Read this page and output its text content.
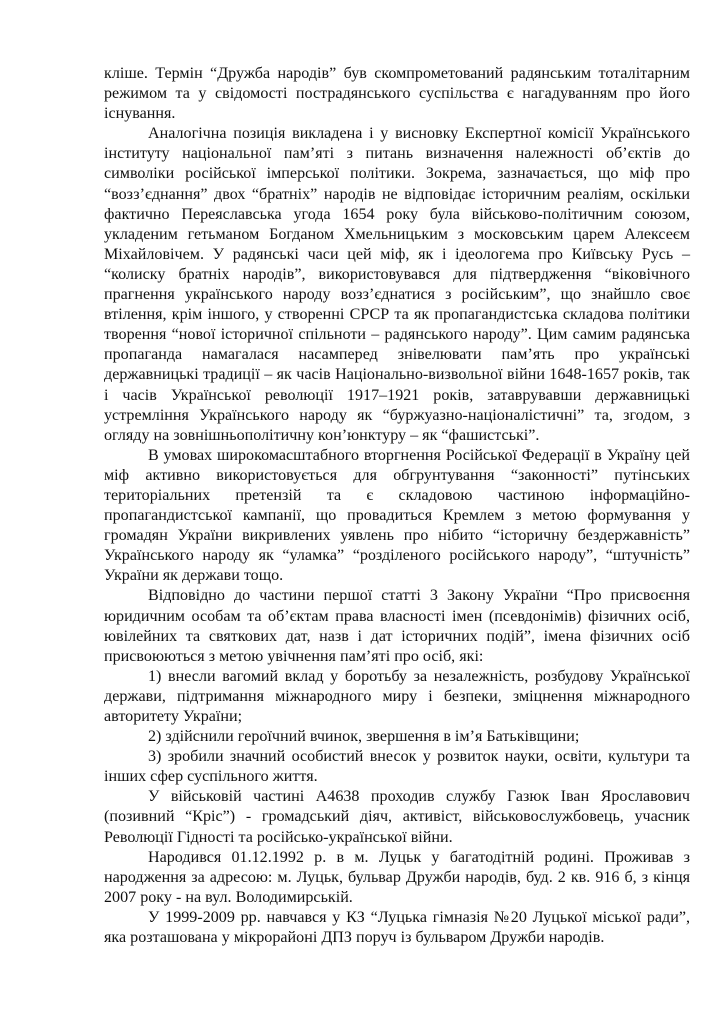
кліше. Термін “Дружба народів” був скомпрометований радянським тоталітарним режимом та у свідомості пострадянського суспільства є нагадуванням про його існування.

Аналогічна позиція викладена і у висновку Експертної комісії Українського інституту національної пам’яті з питань визначення належності об’єктів до символіки російської імперської політики. Зокрема, зазначається, що міф про “возз’єднання” двох “братніх” народів не відповідає історичним реаліям, оскільки фактично Переяславська угода 1654 року була військово-політичним союзом, укладеним гетьманом Богданом Хмельницьким з московським царем Алексеєм Міхайловічем. У радянські часи цей міф, як і ідеологема про Київську Русь – “колиску братніх народів”, використовувався для підтвердження “віковічного прагнення українського народу возз’єднатися з російським”, що знайшло своє втілення, крім іншого, у створенні СРСР та як пропагандистська складова політики творення “нової історичної спільноти – радянського народу”. Цим самим радянська пропаганда намагалася насамперед знівелювати пам’ять про українські державницькі традиції – як часів Національно-визвольної війни 1648-1657 років, так і часів Української революції 1917–1921 років, затаврувавши державницькі устремління Українського народу як “буржуазно-націоналістичні” та, згодом, з огляду на зовнішньополітичну кон’юнктуру – як “фашистські”.

В умовах широкомасштабного вторгнення Російської Федерації в Україну цей міф активно використовується для обгрунтування “законності” путінських територіальних претензій та є складовою частиною інформаційно-пропагандистської кампанії, що провадиться Кремлем з метою формування у громадян України викривлених уявлень про нібито “історичну бездержавність” Українського народу як “уламка” “розділеного російського народу”, “штучність” України як держави тощо.

Відповідно до частини першої статті 3 Закону України “Про присвоєння юридичним особам та об’єктам права власності імен (псевдонімів) фізичних осіб, ювілейних та святкових дат, назв і дат історичних подій”, імена фізичних осіб присвоюються з метою увічнення пам’яті про осіб, які:

1) внесли вагомий вклад у боротьбу за незалежність, розбудову Української держави, підтримання міжнародного миру і безпеки, зміцнення міжнародного авторитету України;

2) здійснили героїчний вчинок, звершення в ім’я Батьківщини;

3) зробили значний особистий внесок у розвиток науки, освіти, культури та інших сфер суспільного життя.

У військовій частині А4638 проходив службу Газюк Іван Ярославович (позивний “Кріс”) - громадський діяч, активіст, військовослужбовець, учасник Революції Гідності та російсько-української війни.

Народився 01.12.1992 р. в м. Луцьк у багатодітній родині. Проживав з народження за адресою: м. Луцьк, бульвар Дружби народів, буд. 2 кв. 916 б, з кінця 2007 року - на вул. Володимирській.

У 1999-2009 рр. навчався у КЗ “Луцька гімназія №20 Луцької міської ради”, яка розташована у мікрорайоні ДПЗ поруч із бульваром Дружби народів.
